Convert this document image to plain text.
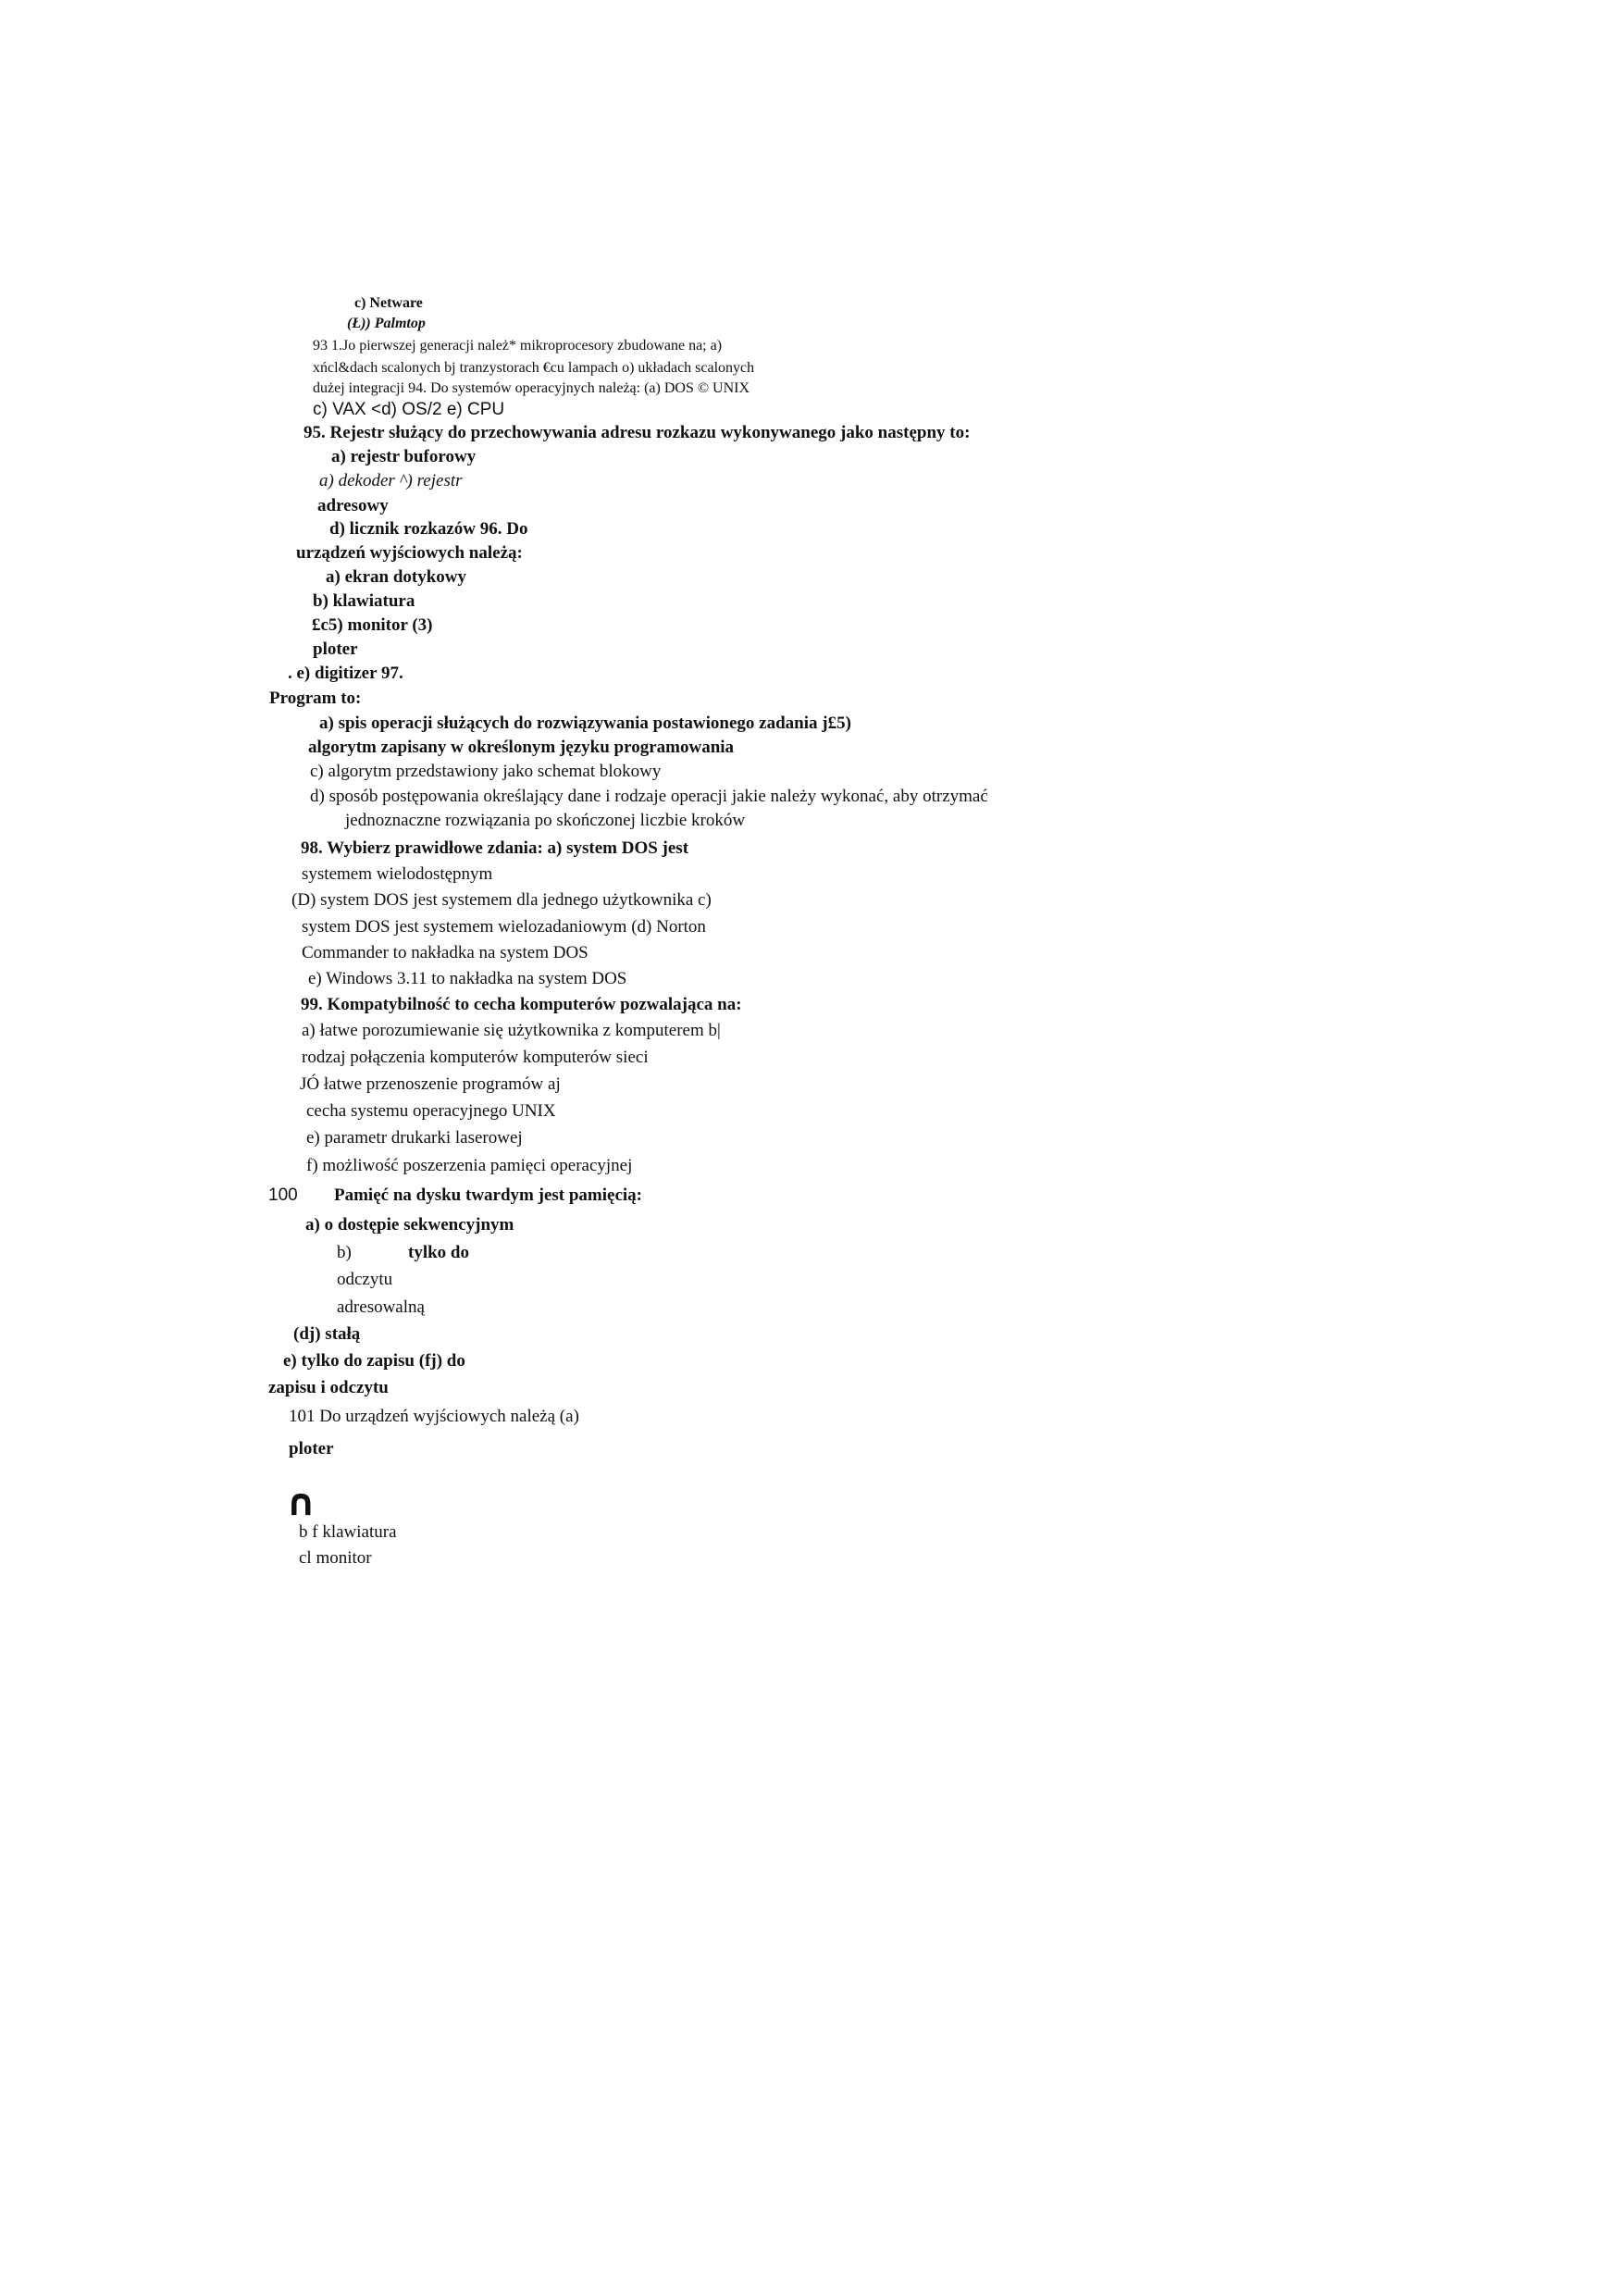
c) Netware
(Ł)) Palmtop
93 1.Jo pierwszej generacji należ* mikroprocesory zbudowane na; a)
xńcl&dach scalonych bj tranzystorach €cu lampach o) układach scalonych
dużej integracji 94. Do systemów operacyjnych należą: (a) DOS © UNIX
c) VAX <d) OS/2 e) CPU
95. Rejestr służący do przechowywania adresu rozkazu wykonywanego jako następny to:
a) rejestr buforowy
a) dekoder ^) rejestr
adresowy
d) licznik rozkazów 96. Do
urządzeń wyjściowych należą:
a) ekran dotykowy
b) klawiatura
£c5) monitor (3)
ploter
. e) digitizer 97.
Program to:
a) spis operacji służących do rozwiązywania postawionego zadania j£5)
algorytm zapisany w określonym języku programowania
c) algorytm przedstawiony jako schemat blokowy
d) sposób postępowania określający dane i rodzaje operacji jakie należy wykonać, aby otrzymać
jednoznaczne rozwiązania po skończonej liczbie kroków
98. Wybierz prawidłowe zdania: a) system DOS jest
systemem wielodostępnym
(D) system DOS jest systemem dla jednego użytkownika c)
system DOS jest systemem wielozadaniowym (d) Norton
Commander to nakładka na system DOS
e) Windows 3.11 to nakładka na system DOS
99. Kompatybilność to cecha komputerów pozwalająca na:
a) łatwe porozumiewanie się użytkownika z komputerem b|
rodzaj połączenia komputerów komputerów sieci
JÓ łatwe przenoszenie programów aj
cecha systemu operacyjnego UNIX
e) parametr drukarki laserowej
f) możliwość poszerzenia pamięci operacyjnej
100 Pamięć na dysku twardym jest pamięcią:
a) o dostępie sekwencyjnym
b)	tylko do
odczytu
adresowalną
(dj) stałą
e) tylko do zapisu (fj) do
zapisu i odczytu
101 Do urządzeń wyjściowych należą (a)
ploter
∩
b f klawiatura
cl monitor
